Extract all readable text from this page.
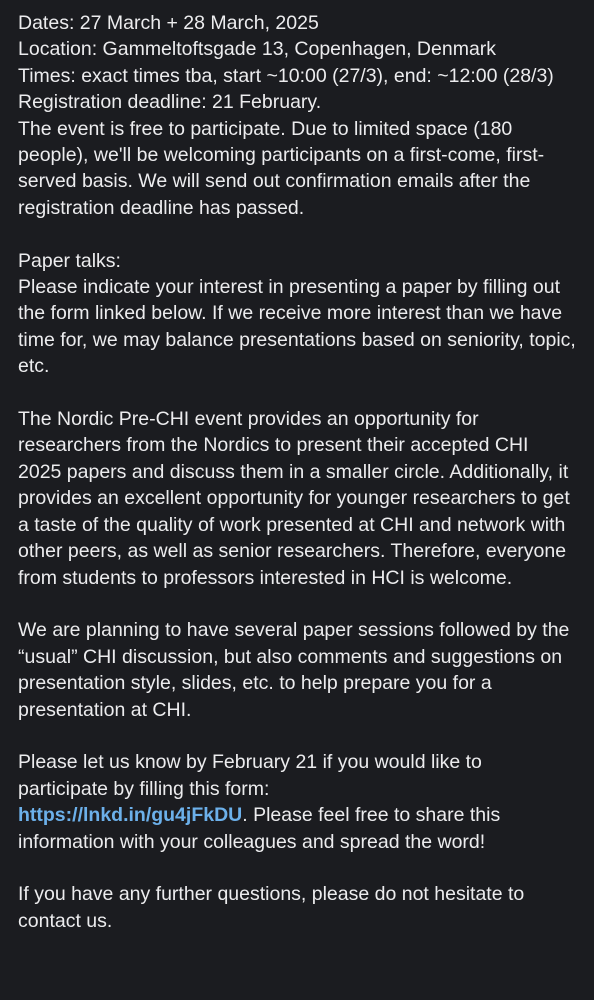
Dates: 27 March + 28 March, 2025

Location: Gammeltoftsgade 13, Copenhagen, Denmark

Times: exact times tba, start ~10:00 (27/3), end: ~12:00 (28/3)

Registration deadline: 21 February.

The event is free to participate. Due to limited space (180 people), we'll be welcoming participants on a first-come, first-served basis. We will send out confirmation emails after the registration deadline has passed.

Paper talks:

Please indicate your interest in presenting a paper by filling out the form linked below. If we receive more interest than we have time for, we may balance presentations based on seniority, topic, etc.

The Nordic Pre-CHI event provides an opportunity for researchers from the Nordics to present their accepted CHI 2025 papers and discuss them in a smaller circle. Additionally, it provides an excellent opportunity for younger researchers to get a taste of the quality of work presented at CHI and network with other peers, as well as senior researchers. Therefore, everyone from students to professors interested in HCI is welcome.

We are planning to have several paper sessions followed by the “usual” CHI discussion, but also comments and suggestions on presentation style, slides, etc. to help prepare you for a presentation at CHI.

Please let us know by February 21 if you would like to participate by filling this form:
https://lnkd.in/gu4jFkDU. Please feel free to share this information with your colleagues and spread the word!

If you have any further questions, please do not hesitate to contact us.
